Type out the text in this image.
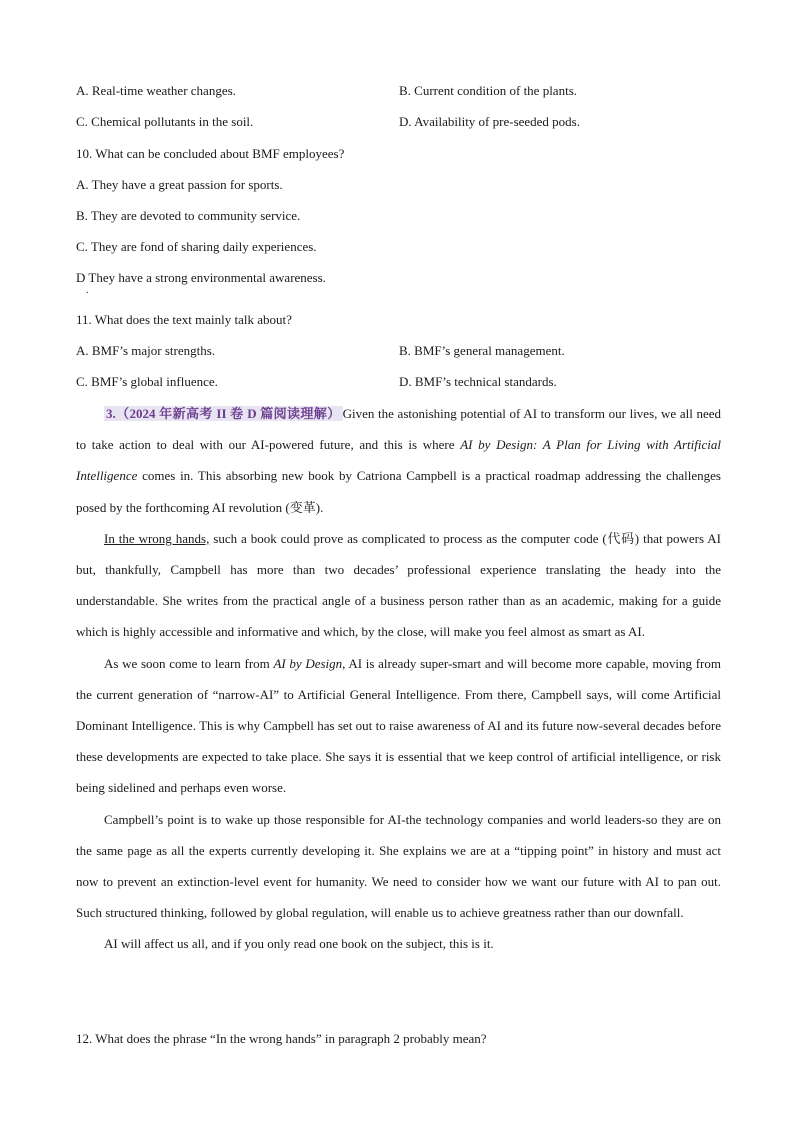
A. Real-time weather changes.	B. Current condition of the plants.
C. Chemical pollutants in the soil.	D. Availability of pre-seeded pods.
10. What can be concluded about BMF employees?
A. They have a great passion for sports.
B. They are devoted to community service.
C. They are fond of sharing daily experiences.
D They have a strong environmental awareness.
.
11. What does the text mainly talk about?
A. BMF’s major strengths.	B. BMF’s general management.
C. BMF’s global influence.	D. BMF’s technical standards.

3.（2024 年新高考 II 卷 D 篇阅读理解） Given the astonishing potential of AI to transform our lives, we all need to take action to deal with our AI-powered future, and this is where AI by Design: A Plan for Living with Artificial Intelligence comes in. This absorbing new book by Catriona Campbell is a practical roadmap addressing the challenges posed by the forthcoming AI revolution (变革).

In the wrong hands, such a book could prove as complicated to process as the computer code (代码) that powers AI but, thankfully, Campbell has more than two decades’ professional experience translating the heady into the understandable. She writes from the practical angle of a business person rather than as an academic, making for a guide which is highly accessible and informative and which, by the close, will make you feel almost as smart as AI.

As we soon come to learn from AI by Design, AI is already super-smart and will become more capable, moving from the current generation of “narrow-AI” to Artificial General Intelligence. From there, Campbell says, will come Artificial Dominant Intelligence. This is why Campbell has set out to raise awareness of AI and its future now-several decades before these developments are expected to take place. She says it is essential that we keep control of artificial intelligence, or risk being sidelined and perhaps even worse.

Campbell’s point is to wake up those responsible for AI-the technology companies and world leaders-so they are on the same page as all the experts currently developing it. She explains we are at a “tipping point” in history and must act now to prevent an extinction-level event for humanity. We need to consider how we want our future with AI to pan out. Such structured thinking, followed by global regulation, will enable us to achieve greatness rather than our downfall.

AI will affect us all, and if you only read one book on the subject, this is it.

12. What does the phrase “In the wrong hands” in paragraph 2 probably mean?
